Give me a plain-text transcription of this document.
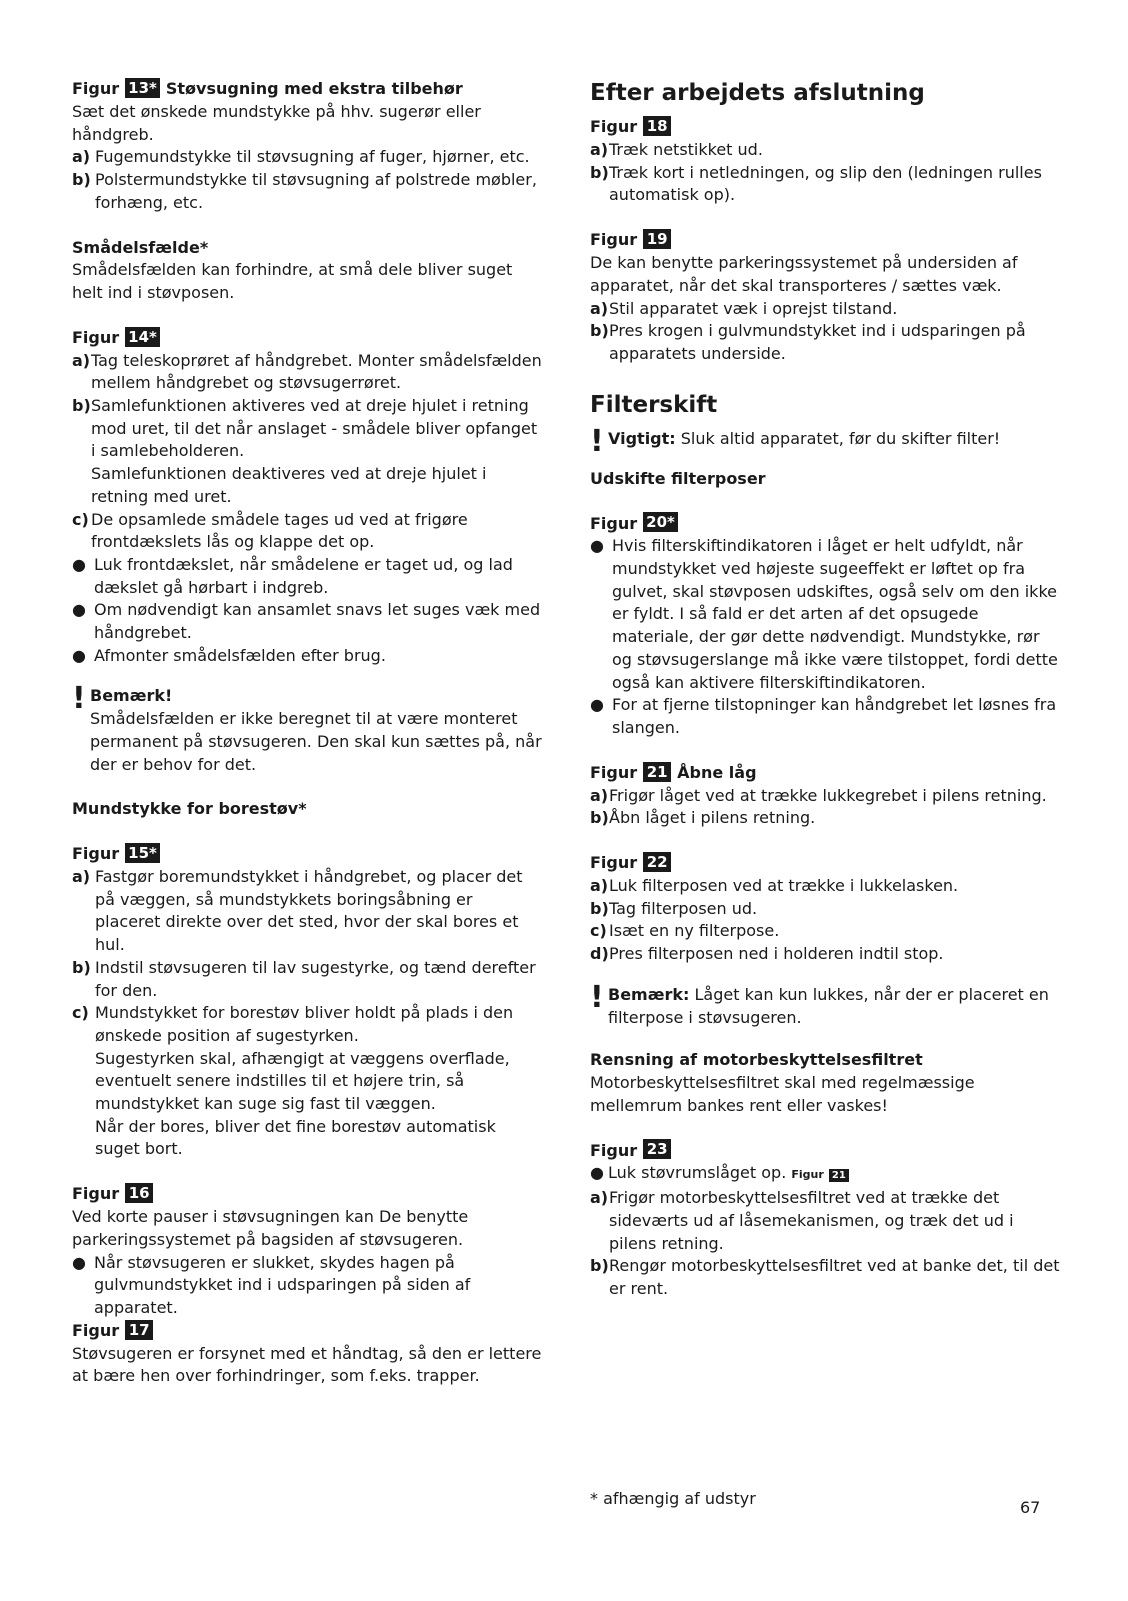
Figur 13* Støvsugning med ekstra tilbehør

Sæt det ønskede mundstykke på hhv. sugerør eller håndgreb.

a) Fugemundstykke til støvsugning af fuger, hjørner, etc.
b) Polstermundstykke til støvsugning af polstrede møbler, forhæng, etc.
Smådelsfælde*

Smådelsfælden kan forhindre, at små dele bliver suget helt ind i støvposen.

Figur 14*
a) Tag teleskoprøret af håndgrebet. Monter smådelsfælden mellem håndgrebet og støvsugerrøret.
b) Samlefunktionen aktiveres ved at dreje hjulet i retning mod uret, til det når anslaget - smådele bliver opfanget i samlebeholderen.
Samlefunktionen deaktiveres ved at dreje hjulet i retning med uret.
c) De opsamlede smådele tages ud ved at frigøre frontdækslets lås og klappe det op.
● Luk frontdækslet, når smådelene er taget ud, og lad dækslet gå hørbart i indgreb.
● Om nødvendigt kan ansamlet snavs let suges væk med håndgrebet.
● Afmonter smådelsfælden efter brug.
! Bemærk!
Smådelsfælden er ikke beregnet til at være monteret permanent på støvsugeren. Den skal kun sættes på, når der er behov for det.
Mundstykke for borestøv*
Figur 15*
a) Fastgør boremundstykket i håndgrebet, og placer det på væggen, så mundstykkets boringsåbning er placeret direkte over det sted, hvor der skal bores et hul.
b) Indstil støvsugeren til lav sugestyrke, og tænd derefter for den.
c) Mundstykket for borestøv bliver holdt på plads i den ønskede position af sugestyrken.
Sugestyrken skal, afhængigt at væggens overflade, eventuelt senere indstilles til et højere trin, så mundstykket kan suge sig fast til væggen.
Når der bores, bliver det fine borestøv automatisk suget bort.
Figur 16

Ved korte pauser i støvsugningen kan De benytte parkeringssystemet på bagsiden af støvsugeren.

● Når støvsugeren er slukket, skydes hagen på gulvmundstykket ind i udsparingen på siden af apparatet.
Figur 17

Støvsugeren er forsynet med et håndtag, så den er lettere at bære hen over forhindringer, som f.eks. trapper.

Efter arbejdets afslutning
Figur 18
a) Træk netstikket ud.
b) Træk kort i netledningen, og slip den (ledningen rulles automatisk op).
Figur 19

De kan benytte parkeringssystemet på undersiden af apparatet, når det skal transporteres / sættes væk.

a) Stil apparatet væk i oprejst tilstand.
b) Pres krogen i gulvmundstykket ind i udsparingen på apparatets underside.
Filterskift
! Vigtigt: Sluk altid apparatet, før du skifter filter!
Udskifte filterposer
Figur 20*
● Hvis filterskiftindikatoren i låget er helt udfyldt, når mundstykket ved højeste sugeeffekt er løftet op fra gulvet, skal støvposen udskiftes, også selv om den ikke er fyldt. I så fald er det arten af det opsugede materiale, der gør dette nødvendigt. Mundstykke, rør og støvsugerslange må ikke være tilstoppet, fordi dette også kan aktivere filterskiftindikatoren.
● For at fjerne tilstopninger kan håndgrebet let løsnes fra slangen.
Figur 21 Åbne låg
a) Frigør låget ved at trække lukkegrebet i pilens retning.
b) Åbn låget i pilens retning.
Figur 22
a) Luk filterposen ved at trække i lukkelasken.
b) Tag filterposen ud.
c) Isæt en ny filterpose.
d) Pres filterposen ned i holderen indtil stop.
! Bemærk: Låget kan kun lukkes, når der er placeret en filterpose i støvsugeren.
Rensning af motorbeskyttelsesfiltret

Motorbeskyttelsesfiltret skal med regelmæssige mellemrum bankes rent eller vaskes!

Figur 23
● Luk støvrumslåget op. Figur 21
a) Frigør motorbeskyttelsesfiltret ved at trække det sideværts ud af låsemekanismen, og træk det ud i pilens retning.
b) Rengør motorbeskyttelsesfiltret ved at banke det, til det er rent.
* afhængig af udstyr	67
